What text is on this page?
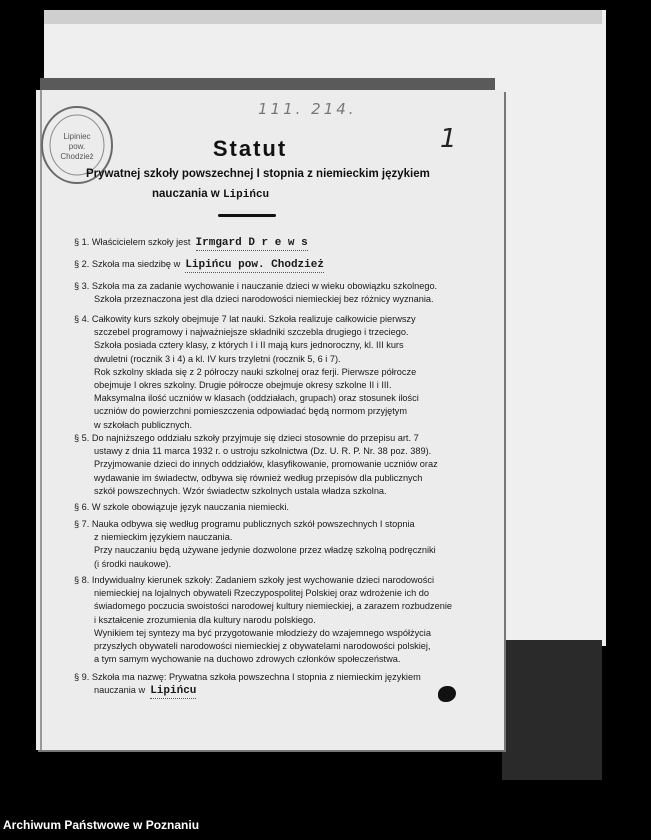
111. 214.
1
Lipiniec
pow.
Chodzież	Statut
Prywatnej szkoły powszechnej I stopnia z niemieckim językiem
nauczania w Lipińcu
§ 1. Właścicielem szkoły jest Irmgard D r e w s
§ 2. Szkoła ma siedzibę w Lipińcu pow. Chodzież
§ 3. Szkoła ma za zadanie wychowanie i nauczanie dzieci w wieku obowiązku szkolnego.
Szkoła przeznaczona jest dla dzieci narodowości niemieckiej bez różnicy wyznania.
§ 4. Całkowity kurs szkoły obejmuje 7 lat nauki. Szkoła realizuje całkowicie pierwszy
szczebel programowy i najważniejsze składniki szczebla drugiego i trzeciego.
Szkoła posiada cztery klasy, z których I i II mają kurs jednoroczny, kl. III kurs
dwuletni (rocznik 3 i 4) a kl. IV kurs trzyletni (rocznik 5, 6 i 7).
Rok szkolny składa się z 2 półroczy nauki szkolnej oraz ferji. Pierwsze półrocze
obejmuje I okres szkolny. Drugie półrocze obejmuje okresy szkolne II i III.
Maksymalna ilość uczniów w klasach (oddziałach, grupach) oraz stosunek ilości
uczniów do powierzchni pomieszczenia odpowiadać będą normom przyjętym
w szkołach publicznych.
§ 5. Do najniższego oddziału szkoły przyjmuje się dzieci stosownie do przepisu art. 7
ustawy z dnia 11 marca 1932 r. o ustroju szkolnictwa (Dz. U. R. P. Nr. 38 poz. 389).
Przyjmowanie dzieci do innych oddziałów, klasyfikowanie, promowanie uczniów oraz
wydawanie im świadectw, odbywa się również według przepisów dla publicznych
szkół powszechnych. Wzór świadectw szkolnych ustala władza szkolna.
§ 6. W szkole obowiązuje język nauczania niemiecki.
§ 7. Nauka odbywa się według programu publicznych szkół powszechnych I stopnia
z niemieckim językiem nauczania.
Przy nauczaniu będą używane jedynie dozwolone przez władzę szkolną podręczniki
(i środki naukowe).
§ 8. Indywidualny kierunek szkoły: Zadaniem szkoły jest wychowanie dzieci narodowości
niemieckiej na lojalnych obywateli Rzeczypospolitej Polskiej oraz wdrożenie ich do
świadomego poczucia swoistości narodowej kultury niemieckiej, a zarazem rozbudzenie
i kształcenie zrozumienia dla kultury narodu polskiego.
Wynikiem tej syntezy ma być przygotowanie młodzieży do wzajemnego współżycia
przyszłych obywateli narodowości niemieckiej z obywatelami narodowości polskiej,
a tym samym wychowanie na duchowo zdrowych członków społeczeństwa.
§ 9. Szkoła ma nazwę: Prywatna szkoła powszechna I stopnia z niemieckim językiem
nauczania w Lipińcu
Archiwum Państwowe w Poznaniu
